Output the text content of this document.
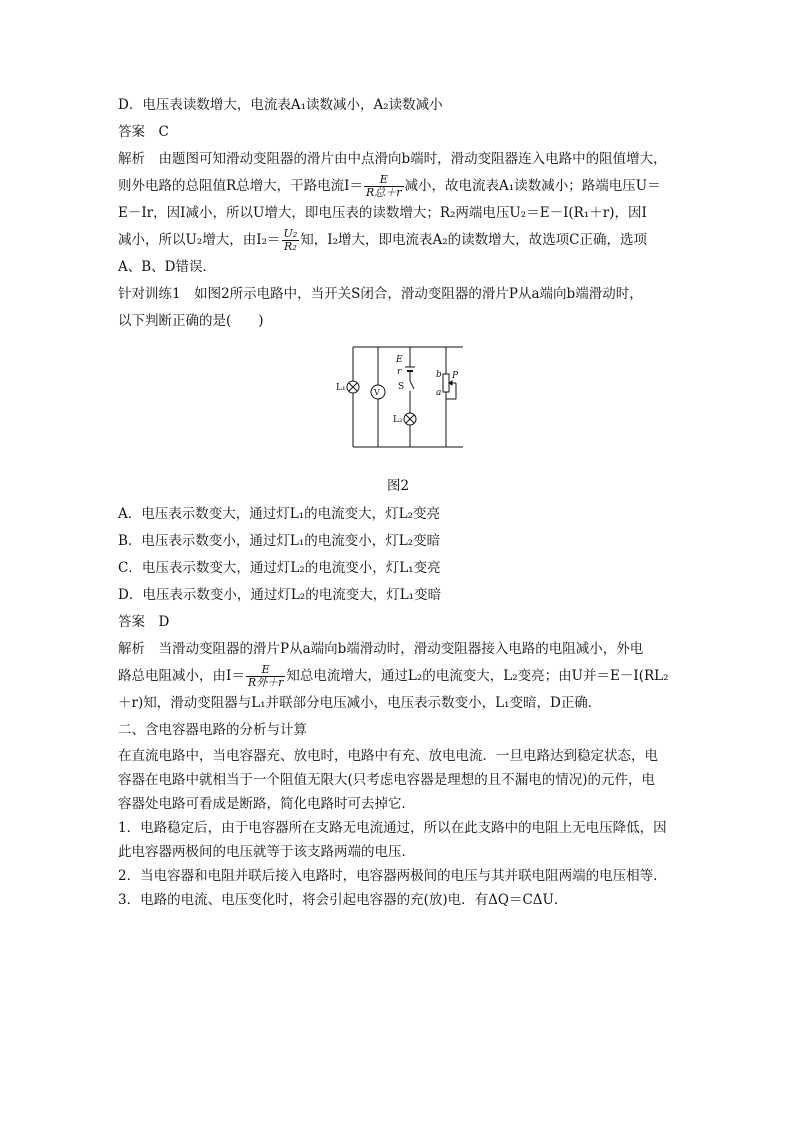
D．电压表读数增大，电流表A₁读数减小，A₂读数减小
答案　C
解析　由题图可知滑动变阻器的滑片由中点滑向b端时，滑动变阻器连入电路中的阻值增大，
则外电路的总阻值R总增大，干路电流$I= \frac{E}{\text{R总＋r}}$ 减小，故电流表A₁读数减小；路端电压U＝
E－Ir，因I减小，所以U增大，即电压表的读数增大；R₂两端电压U₂＝E－I(R₁＋r)，因I
减小，所以U₂增大，由$I_2= \frac{\text{U₂}}{\text{R₂}}$ 知，I₂增大，即电流表A₂的读数增大，故选项C正确，选项
A、B、D错误．
针对训练1　如图2所示电路中，当开关S闭合，滑动变阻器的滑片P从a端向b端滑动时，
以下判断正确的是(　　)
L₁	V
E
r
S
L₂
b
a
P
图2
A．电压表示数变大，通过灯L₁的电流变大，灯L₂变亮
B．电压表示数变小，通过灯L₁的电流变小，灯L₂变暗
C．电压表示数变大，通过灯L₂的电流变小，灯L₁变亮
D．电压表示数变小，通过灯L₂的电流变大，灯L₁变暗
答案　D
解析　当滑动变阻器的滑片P从a端向b端滑动时，滑动变阻器接入电路的电阻减小，外电
路总电阻减小，由$I= \frac{E}{\text{R外＋r}}$ 知总电流增大，通过L₂的电流变大，L₂变亮；由U并＝E－I(RL₂
＋r)知，滑动变阻器与L₁并联部分电压减小，电压表示数变小，L₁变暗，D正确．
二、含电容器电路的分析与计算
在直流电路中，当电容器充、放电时，电路中有充、放电电流．一旦电路达到稳定状态，电
容器在电路中就相当于一个阻值无限大(只考虑电容器是理想的且不漏电的情况)的元件，电
容器处电路可看成是断路，简化电路时可去掉它．
1．电路稳定后，由于电容器所在支路无电流通过，所以在此支路中的电阻上无电压降低，因
此电容器两极间的电压就等于该支路两端的电压．
2．当电容器和电阻并联后接入电路时，电容器两极间的电压与其并联电阻两端的电压相等．
3．电路的电流、电压变化时，将会引起电容器的充(放)电．有ΔQ＝CΔU．
